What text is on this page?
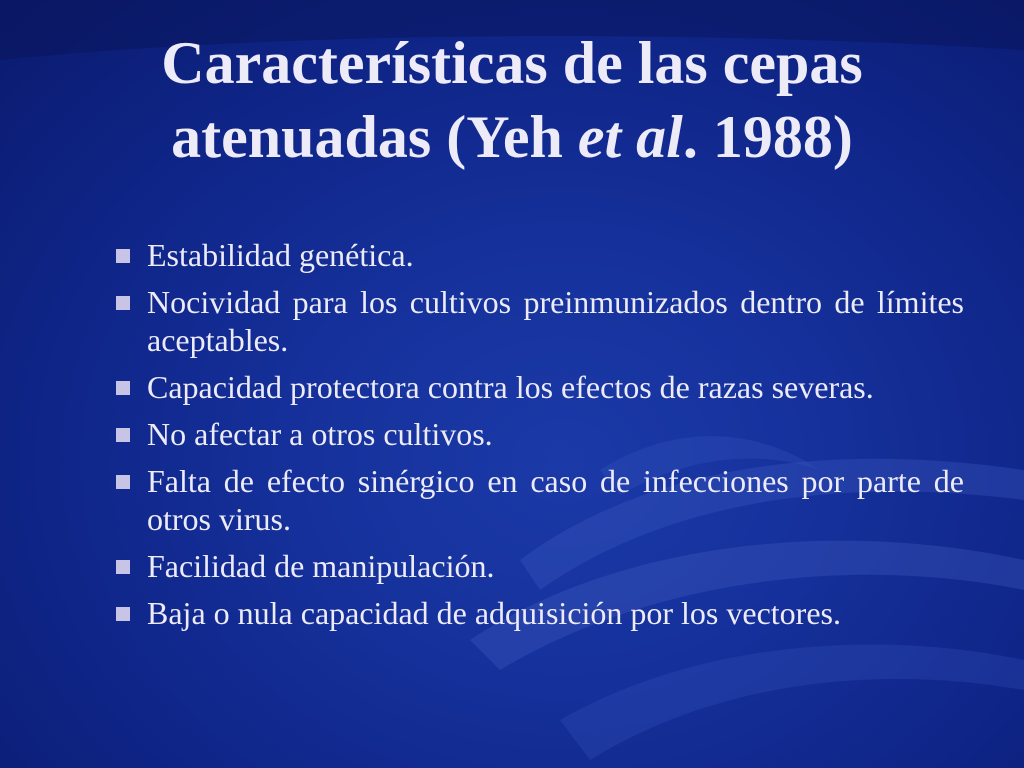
Características de las cepas atenuadas (Yeh et al. 1988)
Estabilidad genética.
Nocividad para los cultivos preinmunizados dentro de límites aceptables.
Capacidad protectora contra los efectos de razas severas.
No afectar a otros cultivos.
Falta de efecto sinérgico en caso de infecciones por parte de otros virus.
Facilidad de manipulación.
Baja o nula capacidad de adquisición por los vectores.
